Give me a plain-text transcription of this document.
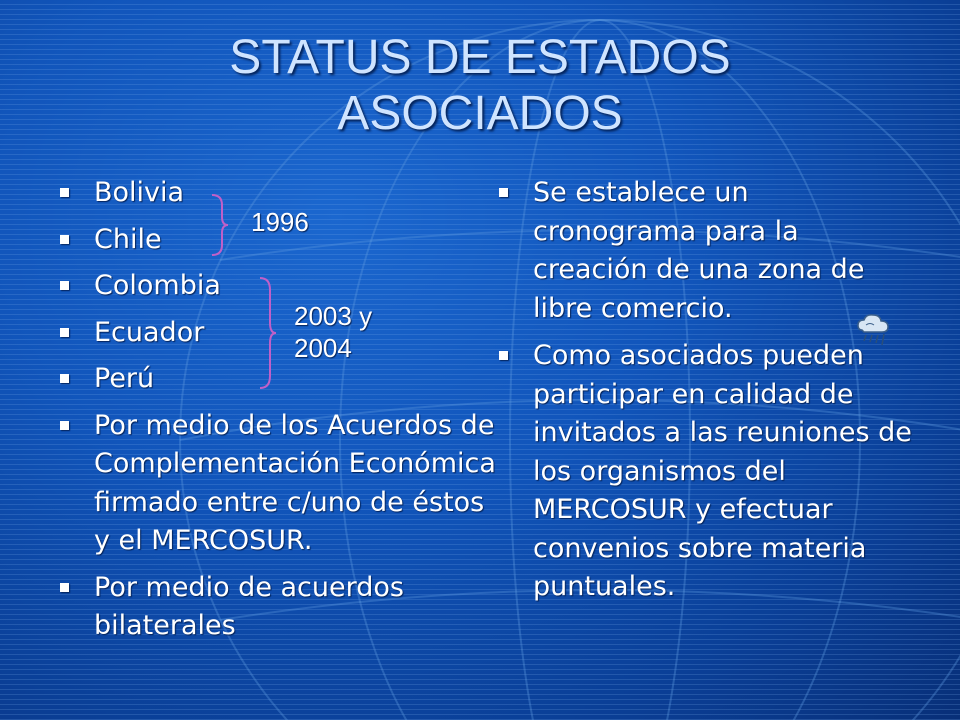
STATUS DE ESTADOS
ASOCIADOS
Bolivia
Chile
Colombia
Ecuador
Perú
Por medio de los Acuerdos de Complementación Económica firmado entre c/uno de éstos y el MERCOSUR.
Por medio de acuerdos bilaterales
1996
2003 y 2004
Se establece un cronograma para la creación de una zona de libre comercio.
Como asociados pueden participar en calidad de invitados a las reuniones de los organismos del MERCOSUR y efectuar convenios sobre materia puntuales.
